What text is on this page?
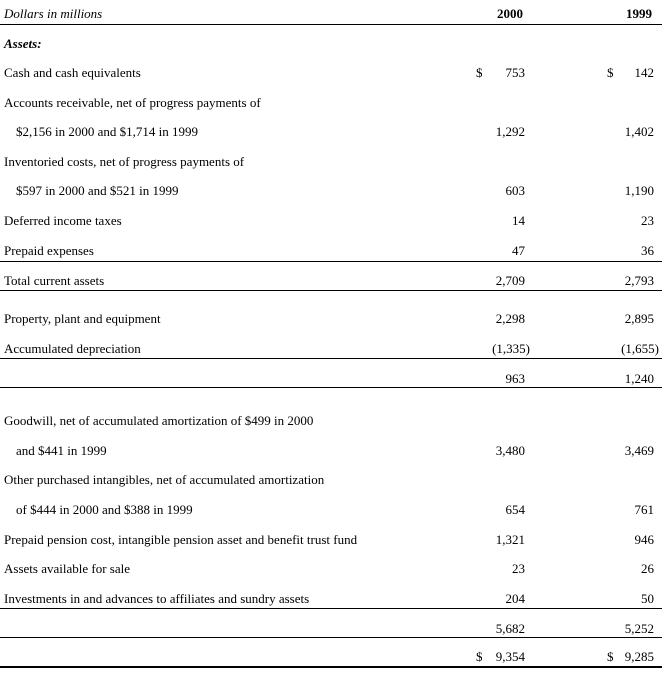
Dollars in millions	2000	1999
Assets:
Cash and cash equivalents	$ 753	$ 142
Accounts receivable, net of progress payments of
$2,156 in 2000 and $1,714 in 1999	1,292	1,402
Inventoried costs, net of progress payments of
$597 in 2000 and $521 in 1999	603	1,190
Deferred income taxes	14	23
Prepaid expenses	47	36
Total current assets	2,709	2,793
Property, plant and equipment	2,298	2,895
Accumulated depreciation	(1,335)	(1,655)
963	1,240
Goodwill, net of accumulated amortization of $499 in 2000
and $441 in 1999	3,480	3,469
Other purchased intangibles, net of accumulated amortization
of $444 in 2000 and $388 in 1999	654	761
Prepaid pension cost, intangible pension asset and benefit trust fund	1,321	946
Assets available for sale	23	26
Investments in and advances to affiliates and sundry assets	204	50
5,682	5,252
$ 9,354	$ 9,285
